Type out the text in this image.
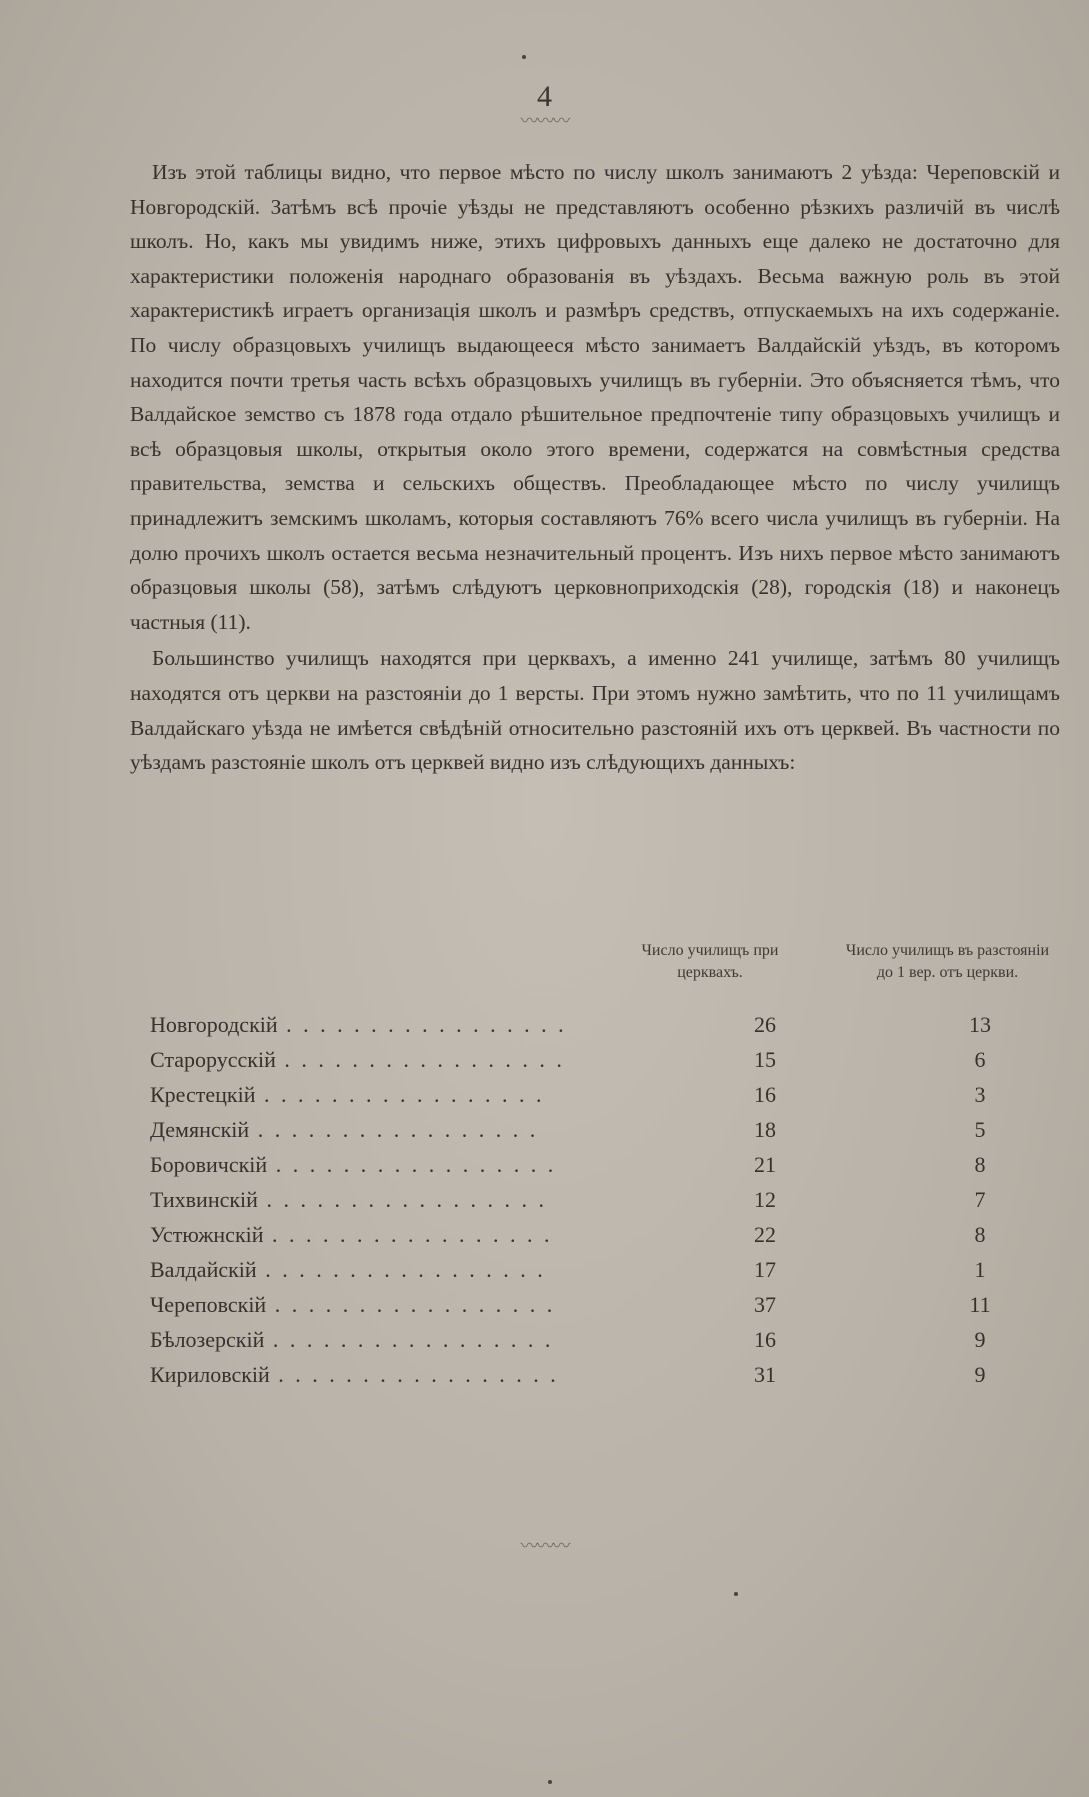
4
〰〰〰

Изъ этой таблицы видно, что первое мѣсто по числу школъ занимаютъ 2 уѣзда: Череповскій и Новгородскій. Затѣмъ всѣ прочіе уѣзды не представляютъ особенно рѣзкихъ различій въ числѣ школъ. Но, какъ мы увидимъ ниже, этихъ цифровыхъ данныхъ еще далеко не достаточно для характеристики положенія народнаго образованія въ уѣздахъ. Весьма важную роль въ этой характеристикѣ играетъ организація школъ и размѣръ средствъ, отпускаемыхъ на ихъ содержаніе. По числу образцовыхъ училищъ выдающееся мѣсто занимаетъ Валдайскій уѣздъ, въ которомъ находится почти третья часть всѣхъ образцовыхъ училищъ въ губерніи. Это объясняется тѣмъ, что Валдайское земство съ 1878 года отдало рѣшительное предпочтеніе типу образцовыхъ училищъ и всѣ образцовыя школы, открытыя около этого времени, содержатся на совмѣстныя средства правительства, земства и сельскихъ обществъ. Преобладающее мѣсто по числу училищъ принадлежитъ земскимъ школамъ, которыя составляютъ 76% всего числа училищъ въ губерніи. На долю прочихъ школъ остается весьма незначительный процентъ. Изъ нихъ первое мѣсто занимаютъ образцовыя школы (58), затѣмъ слѣдуютъ церковноприходскія (28), городскія (18) и наконецъ частныя (11).

Большинство училищъ находятся при церквахъ, а именно 241 училище, затѣмъ 80 училищъ находятся отъ церкви на разстояніи до 1 версты. При этомъ нужно замѣтить, что по 11 училищамъ Валдайскаго уѣзда не имѣется свѣдѣній относительно разстояній ихъ отъ церквей. Въ частности по уѣздамъ разстояніе школъ отъ церквей видно изъ слѣдующихъ данныхъ:

Число училищъ при церквахъ.
Число училищъ въ разстояніи до 1 вер. отъ церкви.
Новгородскій . . .	26	13
Старорусскій . . .	15	6
Крестецкій . . .	16	3
Демянскій . . .	18	5
Боровичскій . . .	21	8
Тихвинскій . . .	12	7
Устюжнскій . . .	22	8
Валдайскій . . .	17	1
Череповскій . . .	37	11
Бѣлозерскій . . .	16	9
Кириловскій . . .	31	9
〰〰〰
